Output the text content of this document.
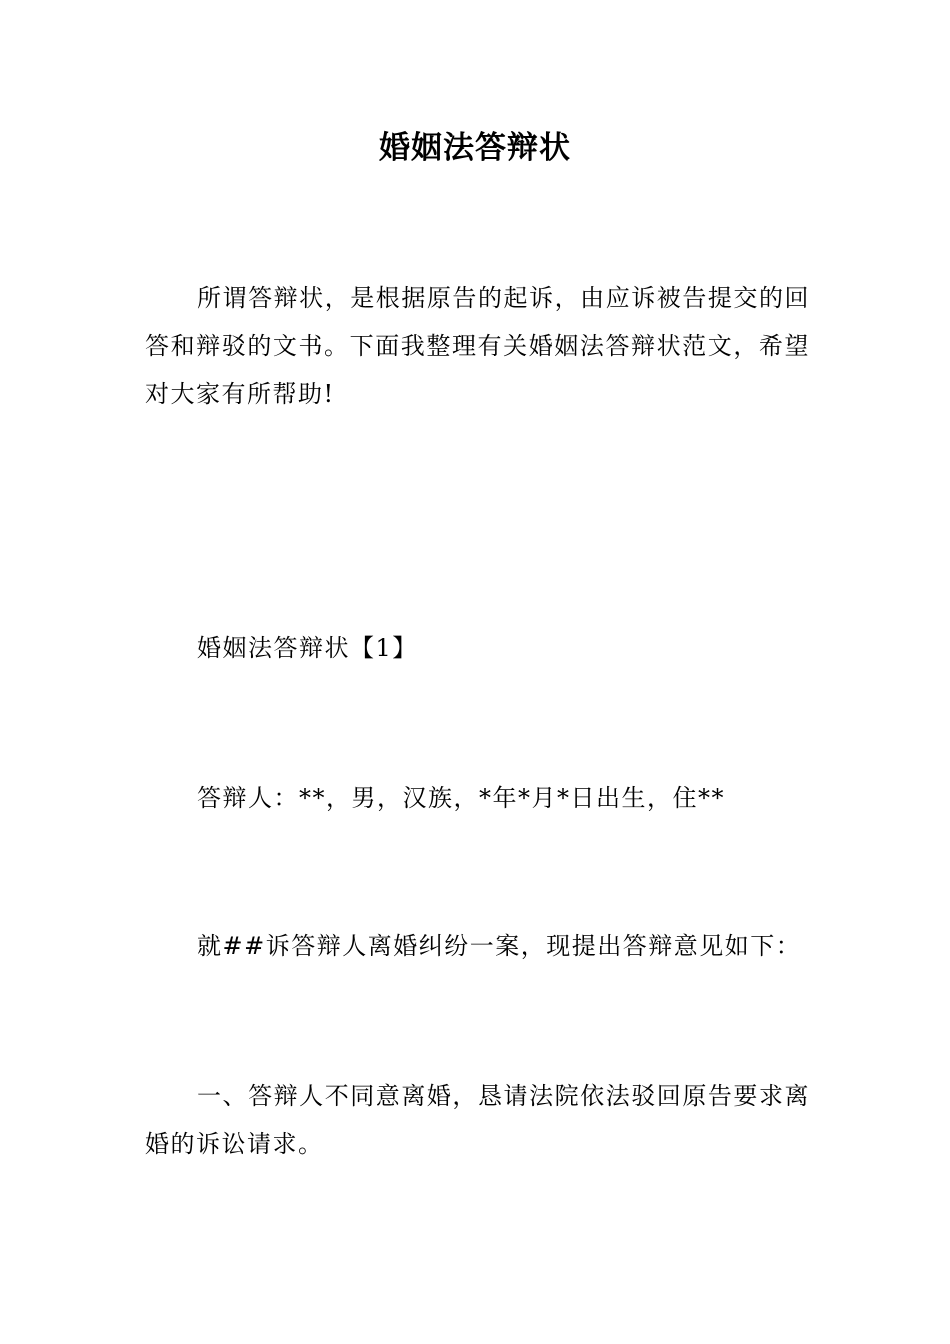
婚姻法答辩状
所谓答辩状，是根据原告的起诉，由应诉被告提交的回答和辩驳的文书。下面我整理有关婚姻法答辩状范文，希望对大家有所帮助!
婚姻法答辩状【1】
答辩人：**，男，汉族，*年*月*日出生，住**
就##诉答辩人离婚纠纷一案，现提出答辩意见如下：
一、答辩人不同意离婚，恳请法院依法驳回原告要求离婚的诉讼请求。
